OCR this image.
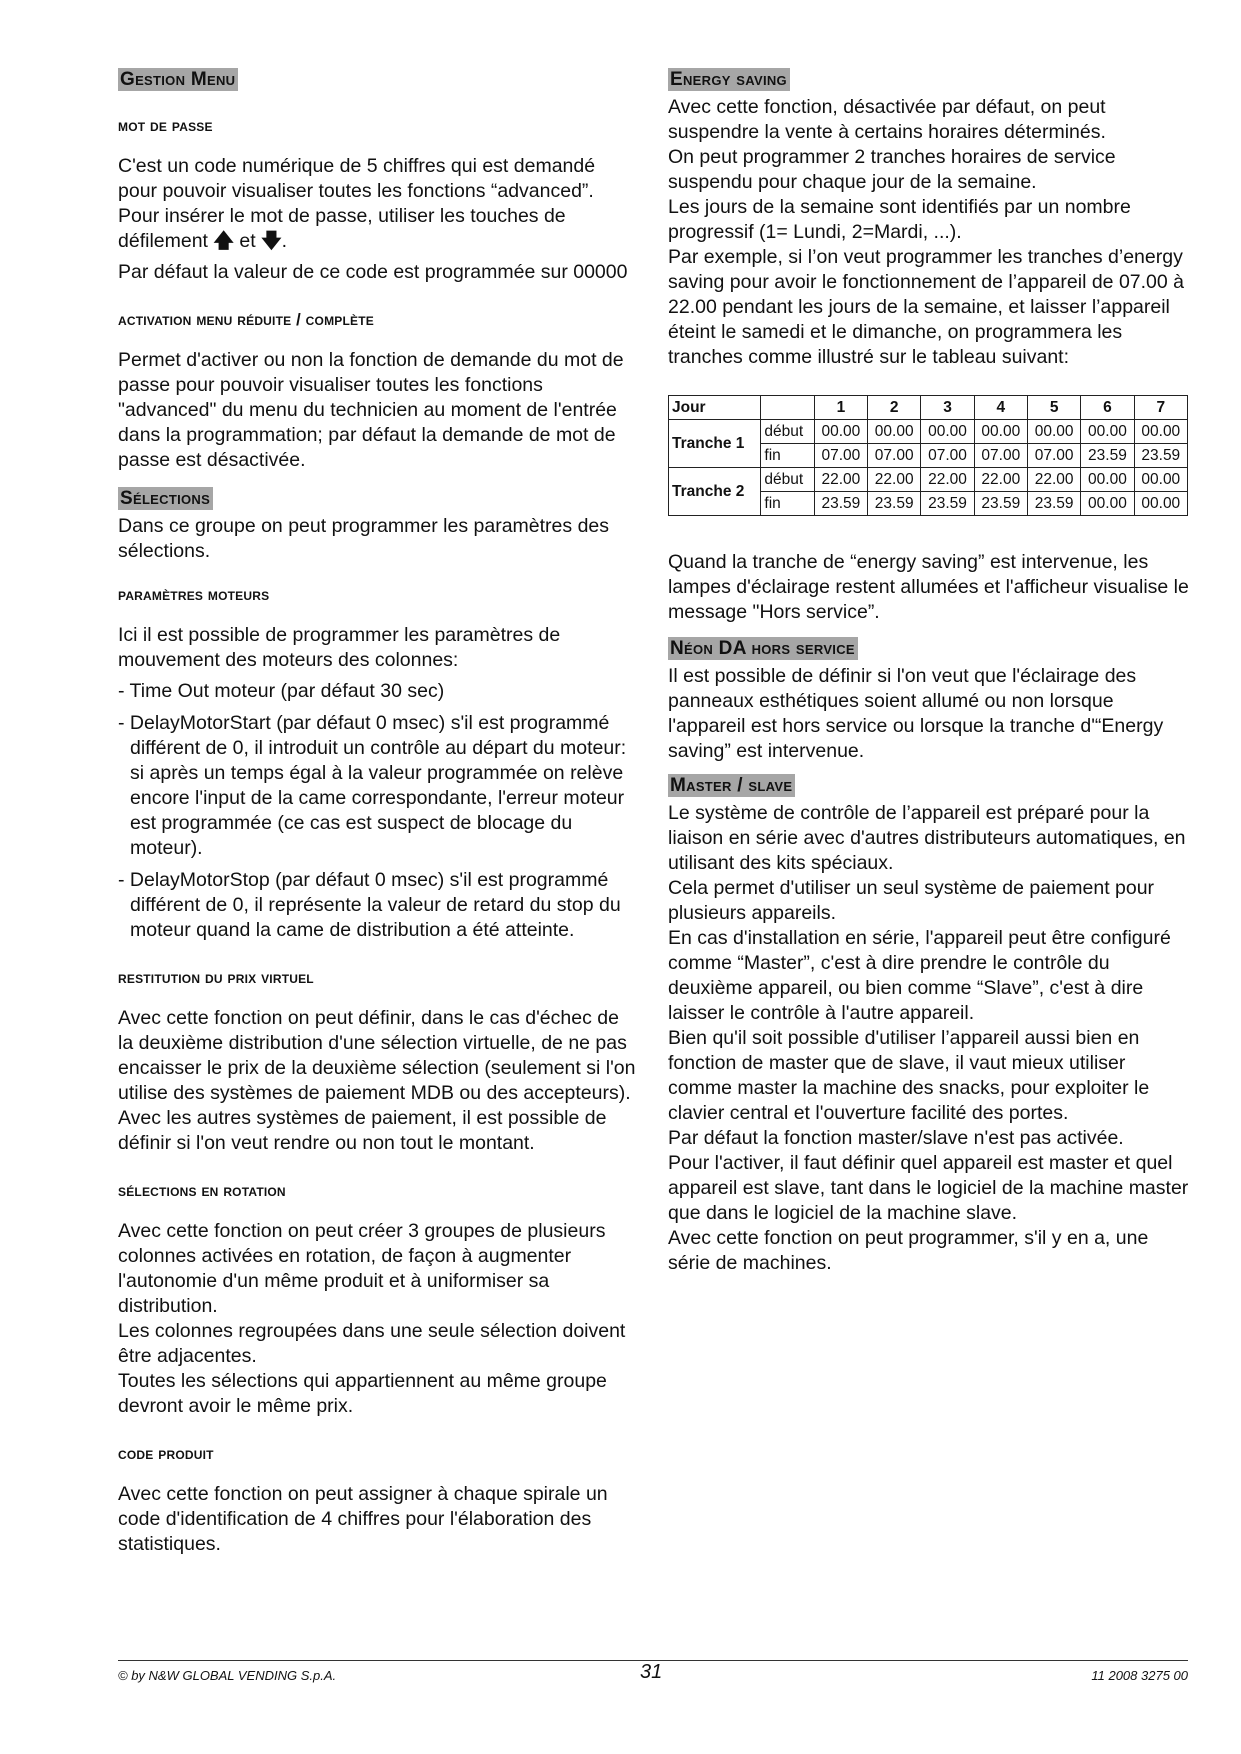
Gestion Menu
mot de passe

C'est un code numérique de 5 chiffres qui est demandé pour pouvoir visualiser toutes les fonctions “advanced”. Pour insérer le mot de passe, utiliser les touches de défilement 🡅 et 🡇.

Par défaut la valeur de ce code est programmée sur 00000

activation menu réduite / complète

Permet d'activer ou non la fonction de demande du mot de passe pour pouvoir visualiser toutes les fonctions "advanced" du menu du technicien au moment de l'entrée dans la programmation; par défaut la demande de mot de passe est désactivée.

Sélections

Dans ce groupe on peut programmer les paramètres des sélections.

paramètres moteurs

Ici il est possible de programmer les paramètres de mouvement des moteurs des colonnes:

- Time Out moteur (par défaut 30 sec)
- DelayMotorStart (par défaut 0 msec) s'il est programmé différent de 0, il introduit un contrôle au départ du moteur: si après un temps égal à la valeur programmée on relève encore l'input de la came correspondante, l'erreur moteur est programmée (ce cas est suspect de blocage du moteur).
- DelayMotorStop (par défaut 0 msec) s'il est programmé différent de 0, il représente la valeur de retard du stop du moteur quand la came de distribution a été atteinte.
restitution du prix virtuel

Avec cette fonction on peut définir, dans le cas d'échec de la deuxième distribution d'une sélection virtuelle, de ne pas encaisser le prix de la deuxième sélection (seulement si l'on utilise des systèmes de paiement MDB ou des accepteurs). Avec les autres systèmes de paiement, il est possible de définir si l'on veut rendre ou non tout le montant.

sélections en rotation

Avec cette fonction on peut créer 3 groupes de plusieurs colonnes activées en rotation, de façon à augmenter l'autonomie d'un même produit et à uniformiser sa distribution.

Les colonnes regroupées dans une seule sélection doivent être adjacentes.

Toutes les sélections qui appartiennent au même groupe devront avoir le même prix.

code produit

Avec cette fonction on peut assigner à chaque spirale un code d'identification de 4 chiffres pour l'élaboration des statistiques.

Energy saving

Avec cette fonction, désactivée par défaut, on peut suspendre la vente à certains horaires déterminés.

On peut programmer 2 tranches horaires de service suspendu pour chaque jour de la semaine.

Les jours de la semaine sont identifiés par un nombre progressif (1= Lundi, 2=Mardi, ...).

Par exemple, si l’on veut programmer les tranches d’energy saving pour avoir le fonctionnement de l’appareil de 07.00 à 22.00 pendant les jours de la semaine, et laisser l’appareil éteint le samedi et le dimanche, on programmera les tranches comme illustré sur le tableau suivant:

Jour		1	2	3	4	5	6	7
Tranche 1	début	00.00	00.00	00.00	00.00	00.00	00.00	00.00
	fin	07.00	07.00	07.00	07.00	07.00	23.59	23.59
Tranche 2	début	22.00	22.00	22.00	22.00	22.00	00.00	00.00
	fin	23.59	23.59	23.59	23.59	23.59	00.00	00.00

Quand la tranche de “energy saving” est intervenue, les lampes d'éclairage restent allumées et l'afficheur visualise le message "Hors service”.

Néon DA hors service

Il est possible de définir si l'on veut que l'éclairage des panneaux esthétiques soient allumé ou non lorsque l'appareil est hors service ou lorsque la tranche d'“Energy saving” est intervenue.

Master / slave

Le système de contrôle de l’appareil est préparé pour la liaison en série avec d'autres distributeurs automatiques, en utilisant des kits spéciaux.

Cela permet d'utiliser un seul système de paiement pour plusieurs appareils.

En cas d'installation en série, l'appareil peut être configuré comme “Master”, c'est à dire prendre le contrôle du deuxième appareil, ou bien comme “Slave”, c'est à dire laisser le contrôle à l'autre appareil.

Bien qu'il soit possible d'utiliser l’appareil aussi bien en fonction de master que de slave, il vaut mieux utiliser comme master la machine des snacks, pour exploiter le clavier central et l'ouverture facilité des portes.

Par défaut la fonction master/slave n'est pas activée.

Pour l'activer, il faut définir quel appareil est master et quel appareil est slave, tant dans le logiciel de la machine master que dans le logiciel de la machine slave.

Avec cette fonction on peut programmer, s'il y en a, une série de machines.

© by N&W GLOBAL VENDING S.p.A.	31	11 2008 3275 00
